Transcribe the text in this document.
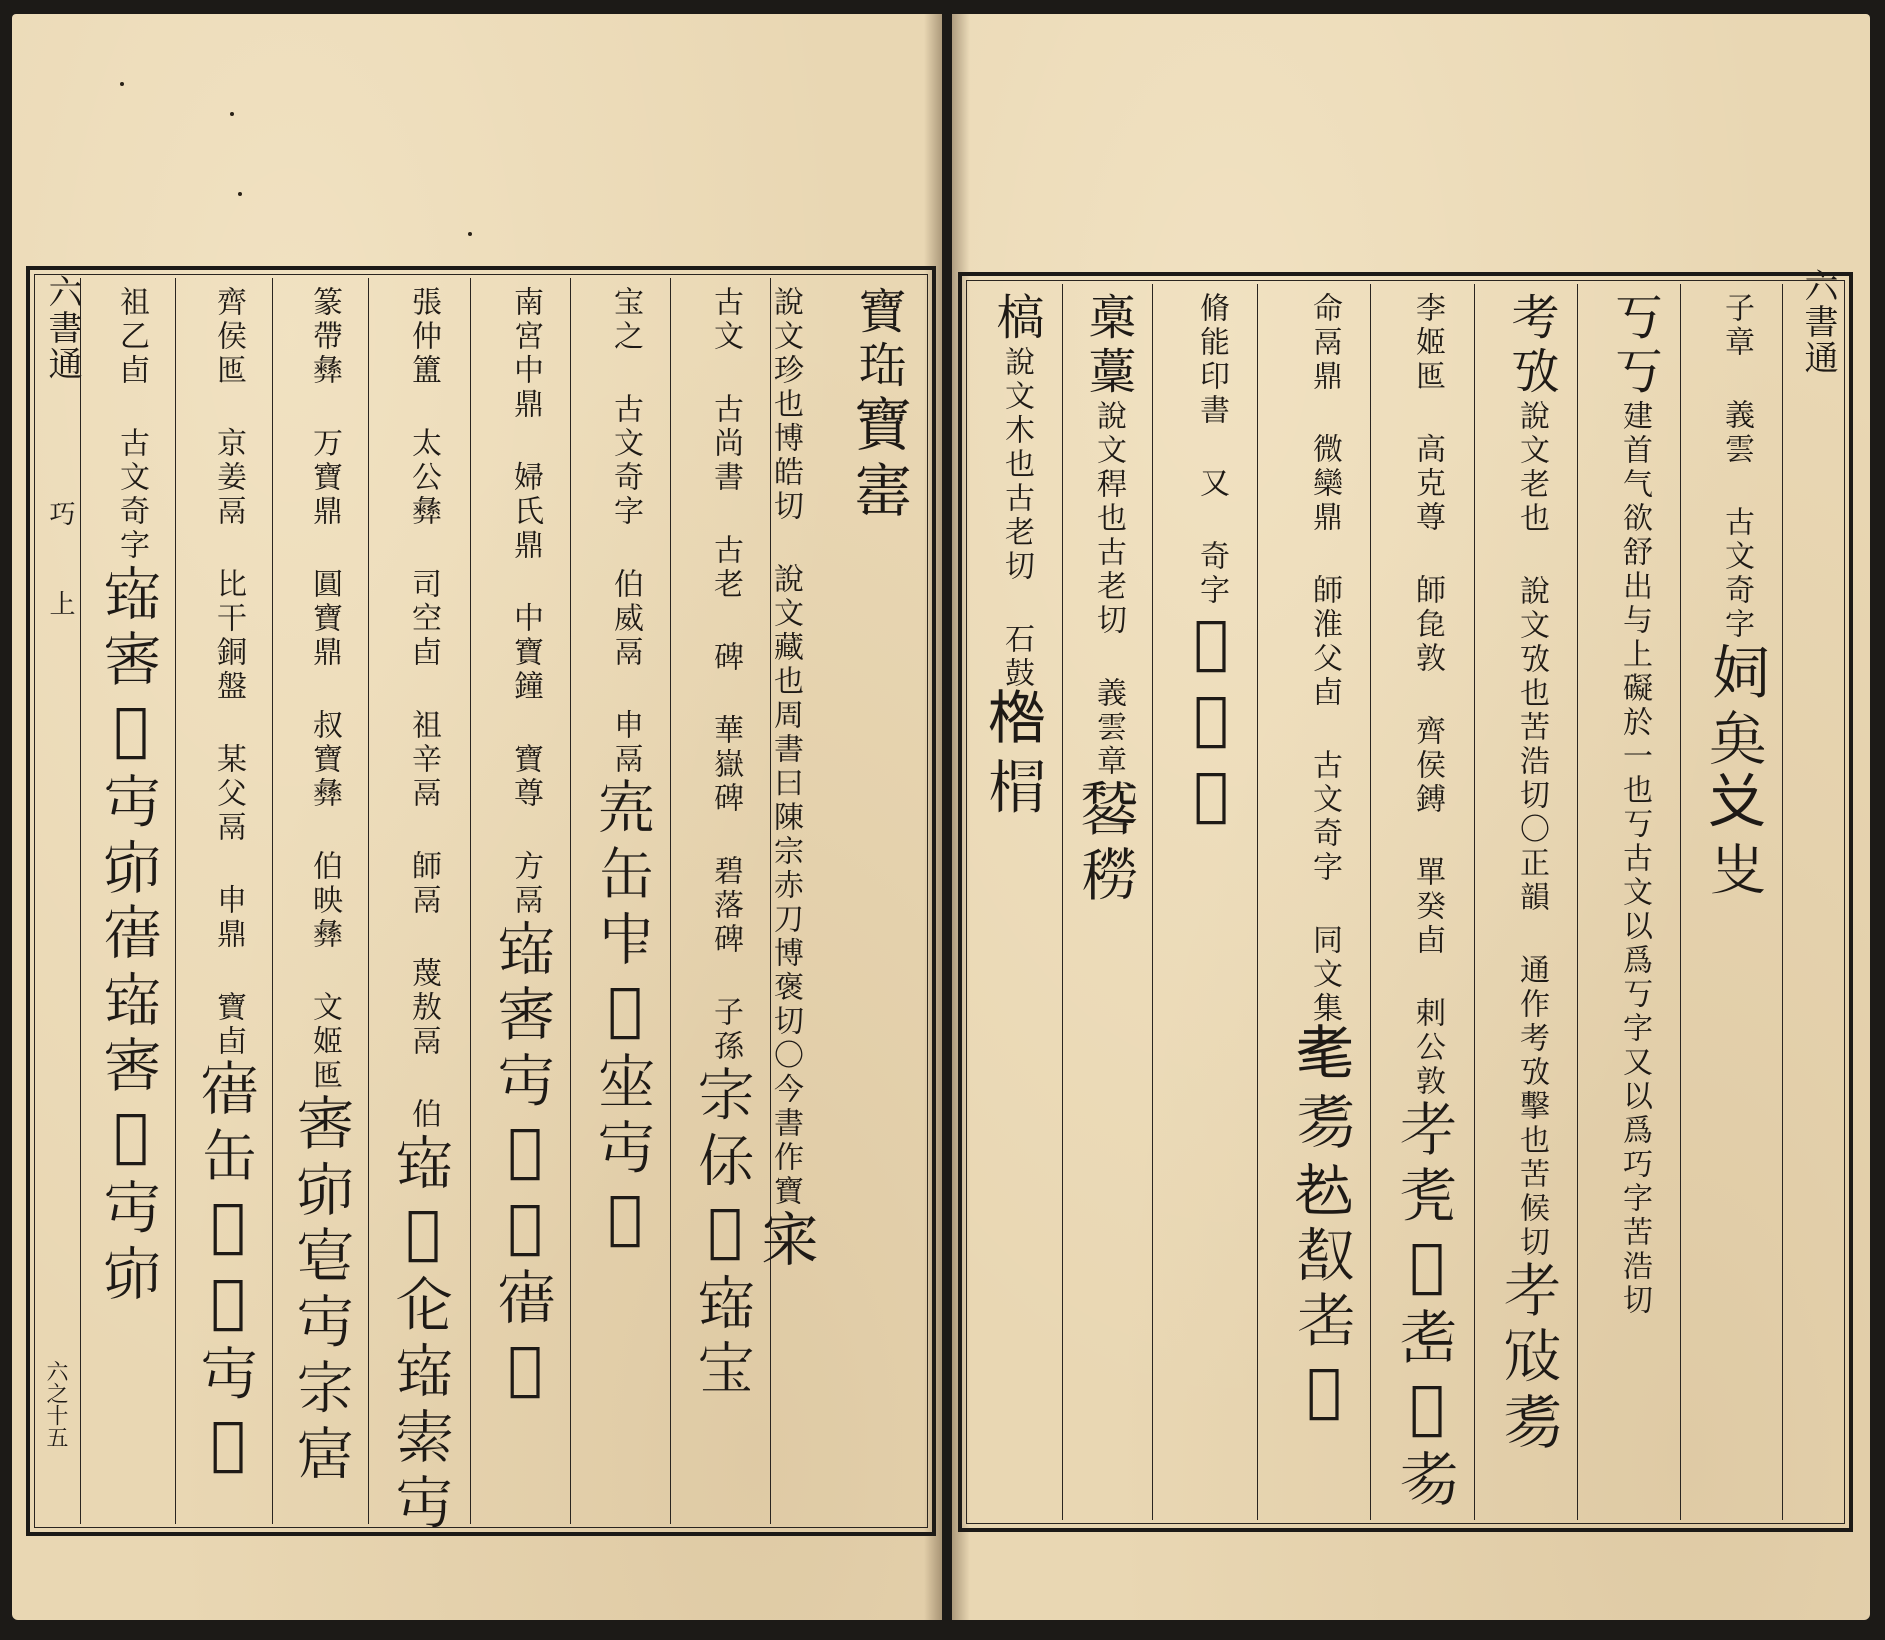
六書通
巧
上
六之十五
寶珤寶寚
說文珍也博皓切 說文藏也周書曰陳宗赤刀博褒切〇今書作寶宷
古文 古尚書 古老 碑 華嶽碑 碧落碑 子孫𡧖𠈃𠊓𡩧宝
宝之 古文奇字 伯威鬲 申鬲𡨓缶𠁦𡦹𡨠𡧍𡨘
南宮中鼎 婦氏鼎 中寶鐘 寶尊 方鬲𡩧𡩨𡧍𡪔𡩬𡩤𡩯
張仲簠 太公彝 司空卣 祖辛鬲 師鬲 蔑敖鬲 伯𡩧𡨁𠆪𡩧𡩡𡧍
篆帶彝 万寶鼎 圓寶鼎 叔寶彝 伯映彝 文姬匜𡩨𡧙𡨗𡧍𡧖𡨢
齊侯匜 京姜鬲 比干銅盤 某父鬲 申鼎 寶卣𡩤缶𡦹𡨘𡧍𡩯
祖乙卣 古文奇字𡩧𡩨𡩯𡧍𡧙𡩤𡩧𡩨𡩯𡧍𡧙
六書通
子章 義雲 古文奇字㚸𠫪𠬠𠬢
丂丂建首气欲舒出与上礙於一也丂古文以爲丂字又以爲巧字苦浩切
考攷說文老也 說文攷也苦浩切〇正韻 通作考攷擊也苦候切𦒱𢼀𦒸
李姬匜 高克尊 師㲋敦 齊侯鎛 單癸卣 剌公敦𦒱𦒲𦒳𦒴𦒵𦒶
命鬲鼎 微欒鼎 師淮父卣 古文奇字 同文集𦒷𦒸𦒹𦒺𦒻𦒼
脩能印書 又 奇字𦒽𦒾𦒿
槀藳說文稈也古老切 義雲章𥢑𥢒
槁說文木也古老切 石鼓𣓌𣓍
